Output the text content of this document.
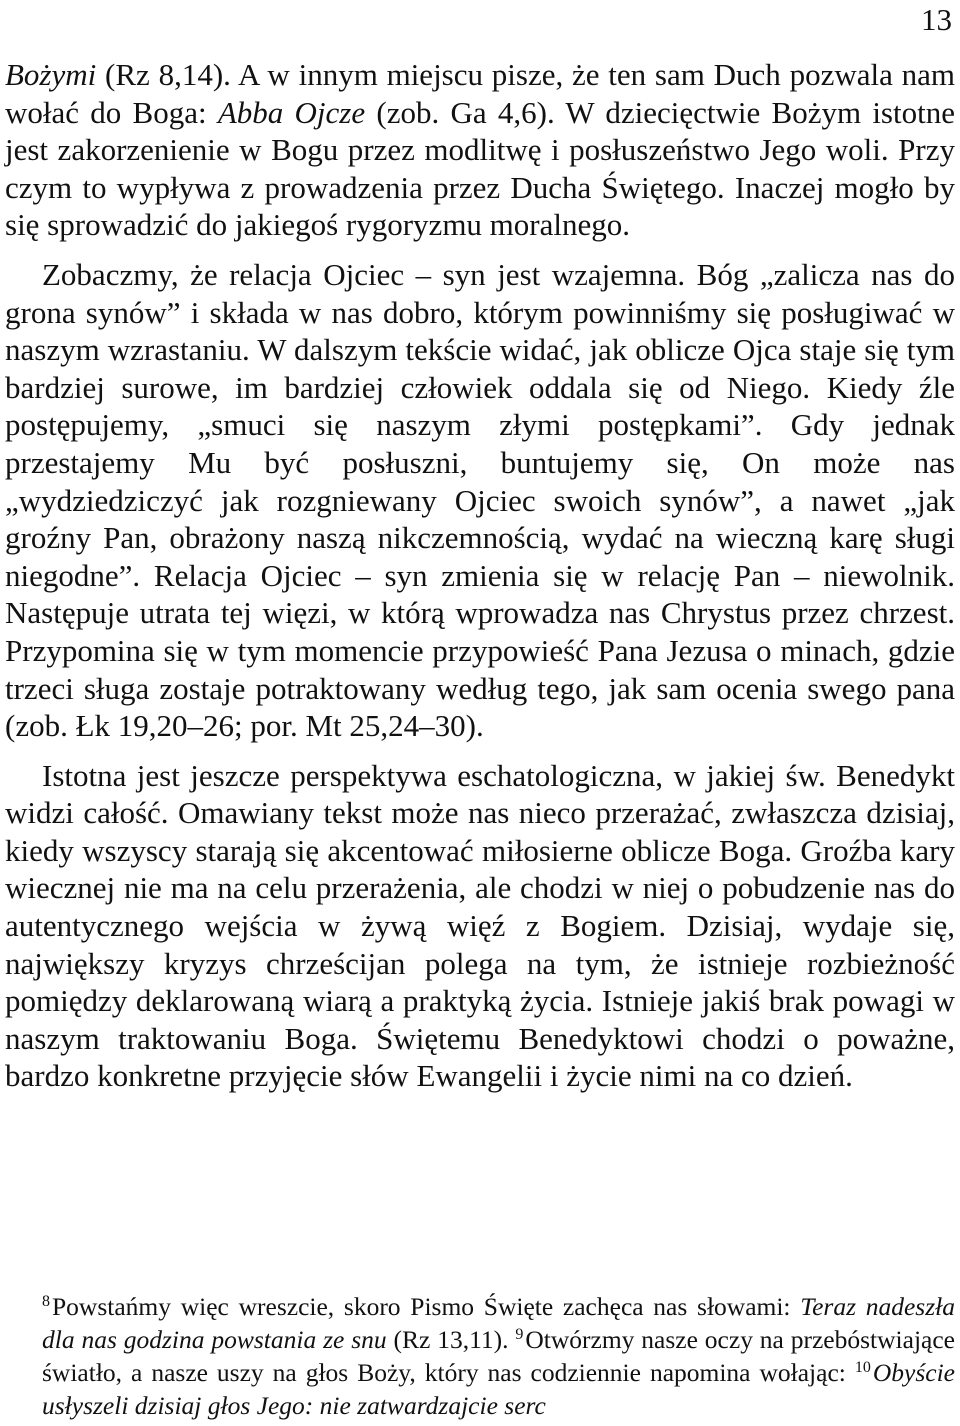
13

Bożymi (Rz 8,14). A w innym miejscu pisze, że ten sam Duch pozwala nam wołać do Boga: Abba Ojcze (zob. Ga 4,6). W dziecięctwie Bożym istotne jest zakorzenienie w Bogu przez modlitwę i posłuszeństwo Jego woli. Przy czym to wypływa z prowadzenia przez Ducha Świętego. Inaczej mogło by się sprowadzić do jakiegoś rygoryzmu moralnego.

Zobaczmy, że relacja Ojciec – syn jest wzajemna. Bóg „zalicza nas do grona synów” i składa w nas dobro, którym powinniśmy się posługiwać w naszym wzrastaniu. W dalszym tekście widać, jak oblicze Ojca staje się tym bardziej surowe, im bardziej człowiek oddala się od Niego. Kiedy źle postępujemy, „smuci się naszym złymi postępkami”. Gdy jednak przestajemy Mu być posłuszni, buntujemy się, On może nas „wydziedziczyć jak rozgniewany Ojciec swoich synów”, a nawet „jak groźny Pan, obrażony naszą nikczemnością, wydać na wieczną karę sługi niegodne”. Relacja Ojciec – syn zmienia się w relację Pan – niewolnik. Następuje utrata tej więzi, w którą wprowadza nas Chrystus przez chrzest. Przypomina się w tym momencie przypowieść Pana Jezusa o minach, gdzie trzeci sługa zostaje potraktowany według tego, jak sam ocenia swego pana (zob. Łk 19,20–26; por. Mt 25,24–30).

Istotna jest jeszcze perspektywa eschatologiczna, w jakiej św. Benedykt widzi całość. Omawiany tekst może nas nieco przerażać, zwłaszcza dzisiaj, kiedy wszyscy starają się akcentować miłosierne oblicze Boga. Groźba kary wiecznej nie ma na celu przerażenia, ale chodzi w niej o pobudzenie nas do autentycznego wejścia w żywą więź z Bogiem. Dzisiaj, wydaje się, największy kryzys chrześcijan polega na tym, że istnieje rozbieżność pomiędzy deklarowaną wiarą a praktyką życia. Istnieje jakiś brak powagi w naszym traktowaniu Boga. Świętemu Benedyktowi chodzi o poważne, bardzo konkretne przyjęcie słów Ewangelii i życie nimi na co dzień.

$^8$Powstańmy więc wreszcie, skoro Pismo Święte zachęca nas słowami: Teraz nadeszła dla nas godzina powstania ze snu (Rz 13,11). $^9$Otwórzmy nasze oczy na przebóstwiające światło, a nasze uszy na głos Boży, który nas codziennie napomina wołając: $^{10}$Obyście usłyszeli dzisiaj głos Jego: nie zatwardzajcie serc
